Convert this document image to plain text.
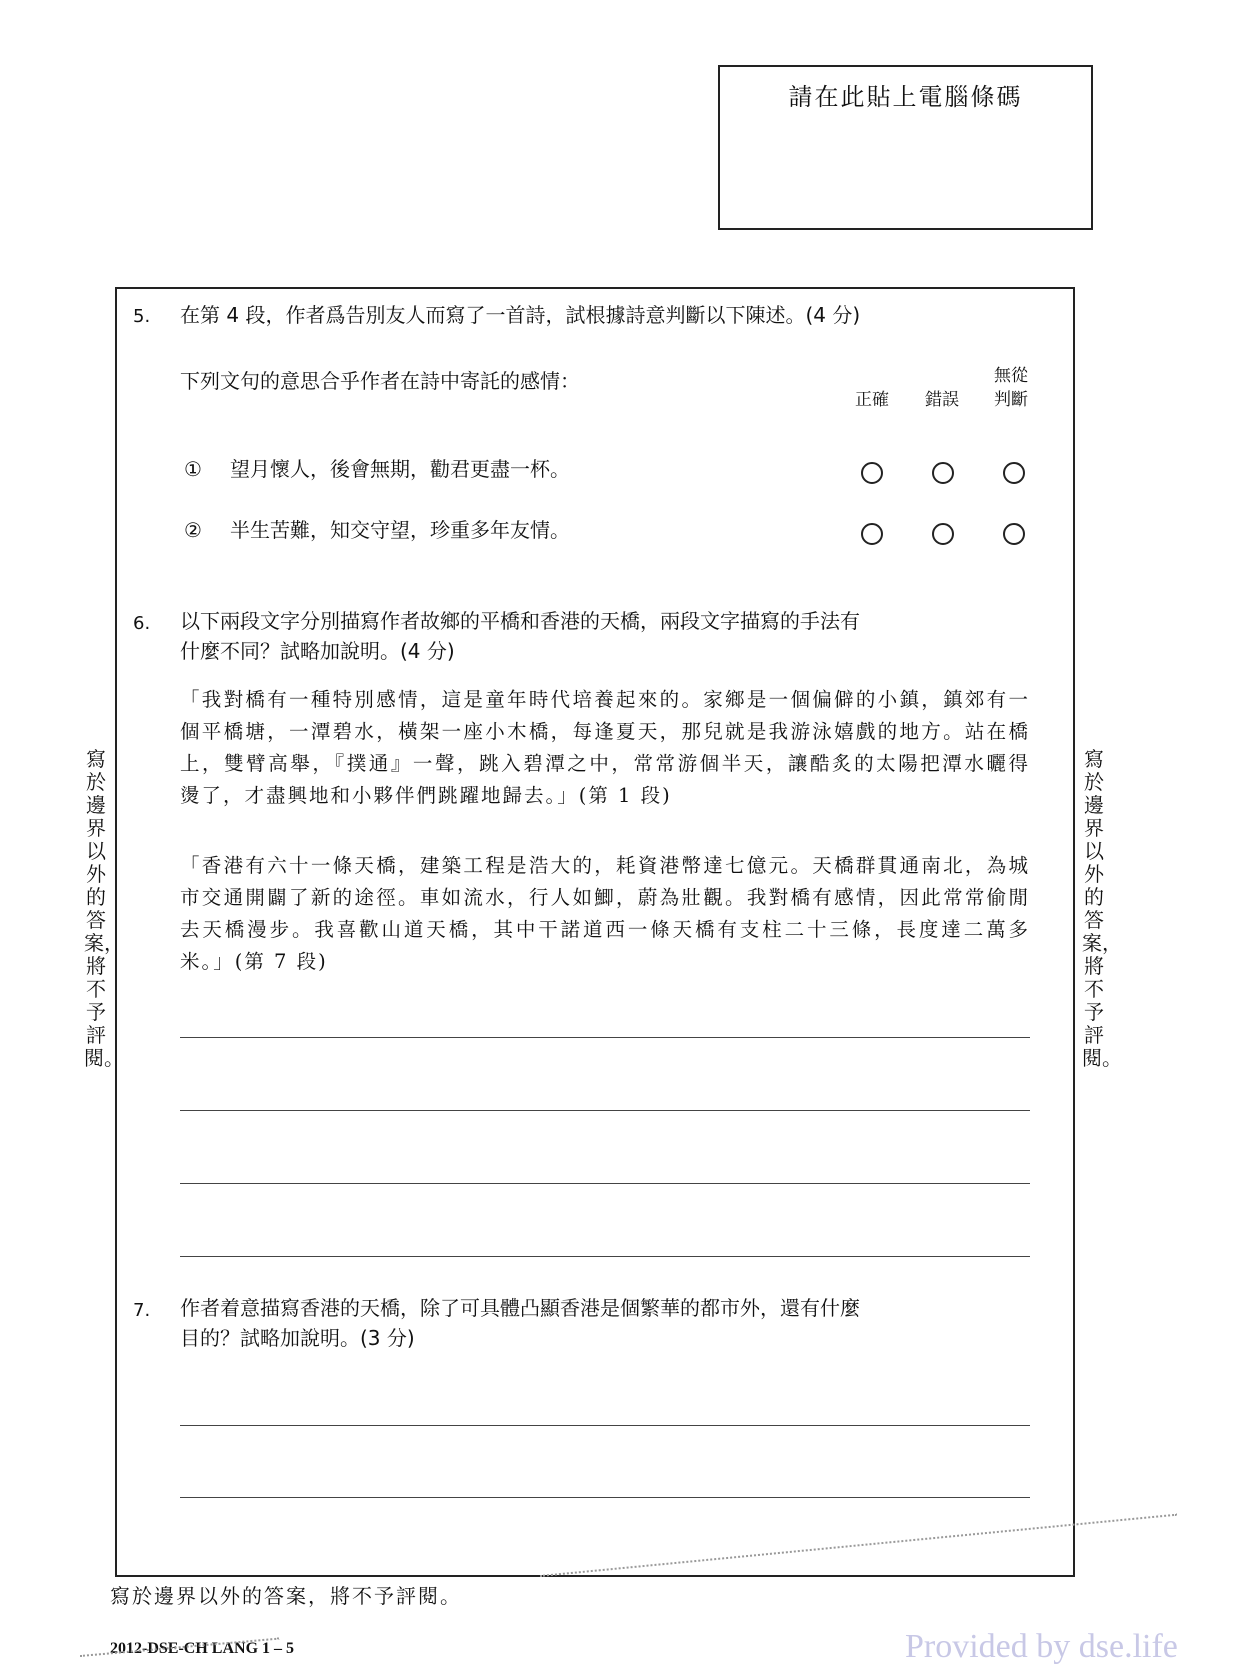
請在此貼上電腦條碼
5. 在第 4 段，作者爲告別友人而寫了一首詩，試根據詩意判斷以下陳述。(4 分)
下列文句的意思合乎作者在詩中寄託的感情：
正確	錯誤
無從
判斷
① 望月懷人，後會無期，勸君更盡一杯。
② 半生苦難，知交守望，珍重多年友情。
6. 以下兩段文字分別描寫作者故鄉的平橋和香港的天橋，兩段文字描寫的手法有
什麼不同？試略加說明。(4 分)
「我對橋有一種特別感情，這是童年時代培養起來的。家鄉是一個偏僻的小鎮，鎮郊有一個平橋塘，一潭碧水，橫架一座小木橋，每逢夏天，那兒就是我游泳嬉戲的地方。站在橋上，雙臂高舉，『撲通』一聲，跳入碧潭之中，常常游個半天，讓酷炙的太陽把潭水曬得燙了，才盡興地和小夥伴們跳躍地歸去。」(第 1 段)
「香港有六十一條天橋，建築工程是浩大的，耗資港幣達七億元。天橋群貫通南北，為城市交通開闢了新的途徑。車如流水，行人如鯽，蔚為壯觀。我對橋有感情，因此常常偷閒去天橋漫步。我喜歡山道天橋，其中干諾道西一條天橋有支柱二十三條，長度達二萬多米。」(第 7 段)
7. 作者着意描寫香港的天橋，除了可具體凸顯香港是個繁華的都市外，還有什麼
目的？試略加說明。(3 分)
寫於邊界以外的答案，將不予評閱。
寫於邊界以外的答案，將不予評閱。
寫於邊界以外的答案，將不予評閱。
2012-DSE-CH LANG 1 – 5	Provided by dse.life
